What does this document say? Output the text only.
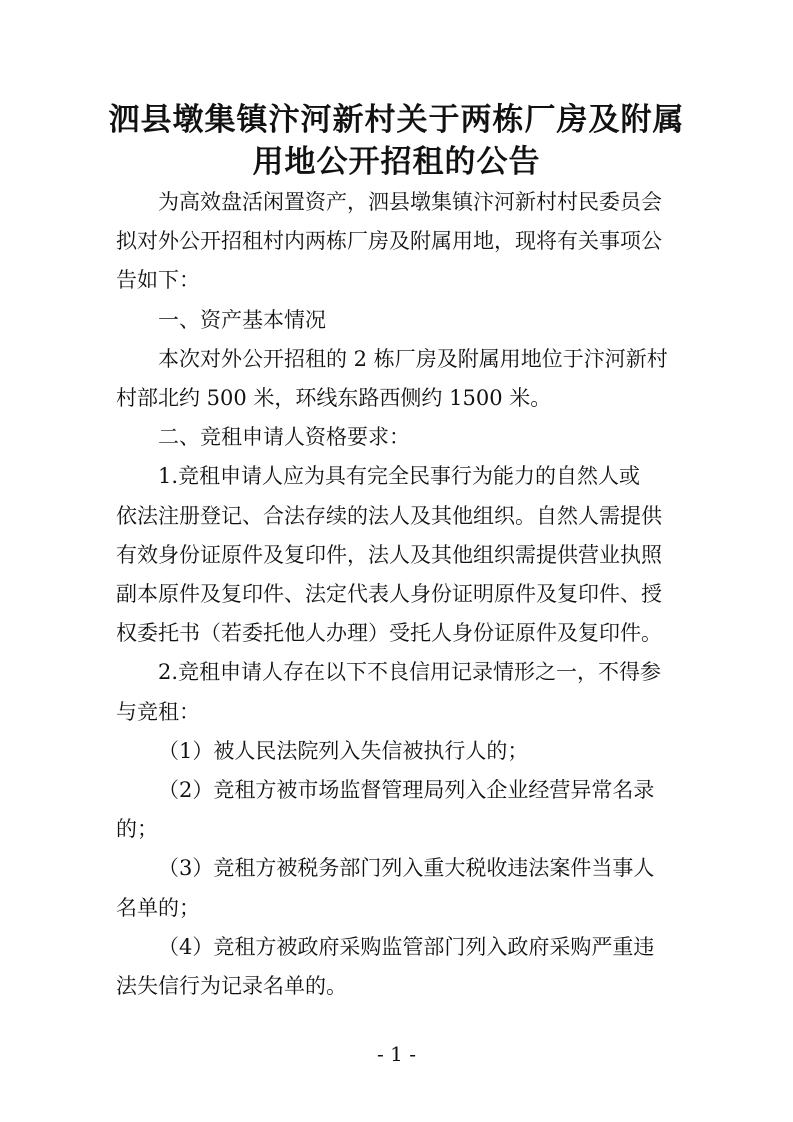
泗县墩集镇汴河新村关于两栋厂房及附属
用地公开招租的公告
为高效盘活闲置资产，泗县墩集镇汴河新村村民委员会
拟对外公开招租村内两栋厂房及附属用地，现将有关事项公
告如下：
一、资产基本情况
本次对外公开招租的 2 栋厂房及附属用地位于汴河新村
村部北约 500 米，环线东路西侧约 1500 米。
二、竞租申请人资格要求：
1.竞租申请人应为具有完全民事行为能力的自然人或
依法注册登记、合法存续的法人及其他组织。自然人需提供
有效身份证原件及复印件，法人及其他组织需提供营业执照
副本原件及复印件、法定代表人身份证明原件及复印件、授
权委托书（若委托他人办理）受托人身份证原件及复印件。
2.竞租申请人存在以下不良信用记录情形之一，不得参
与竞租：
（1）被人民法院列入失信被执行人的；
（2）竞租方被市场监督管理局列入企业经营异常名录
的；
（3）竞租方被税务部门列入重大税收违法案件当事人
名单的；
（4）竞租方被政府采购监管部门列入政府采购严重违
法失信行为记录名单的。
- 1 -
